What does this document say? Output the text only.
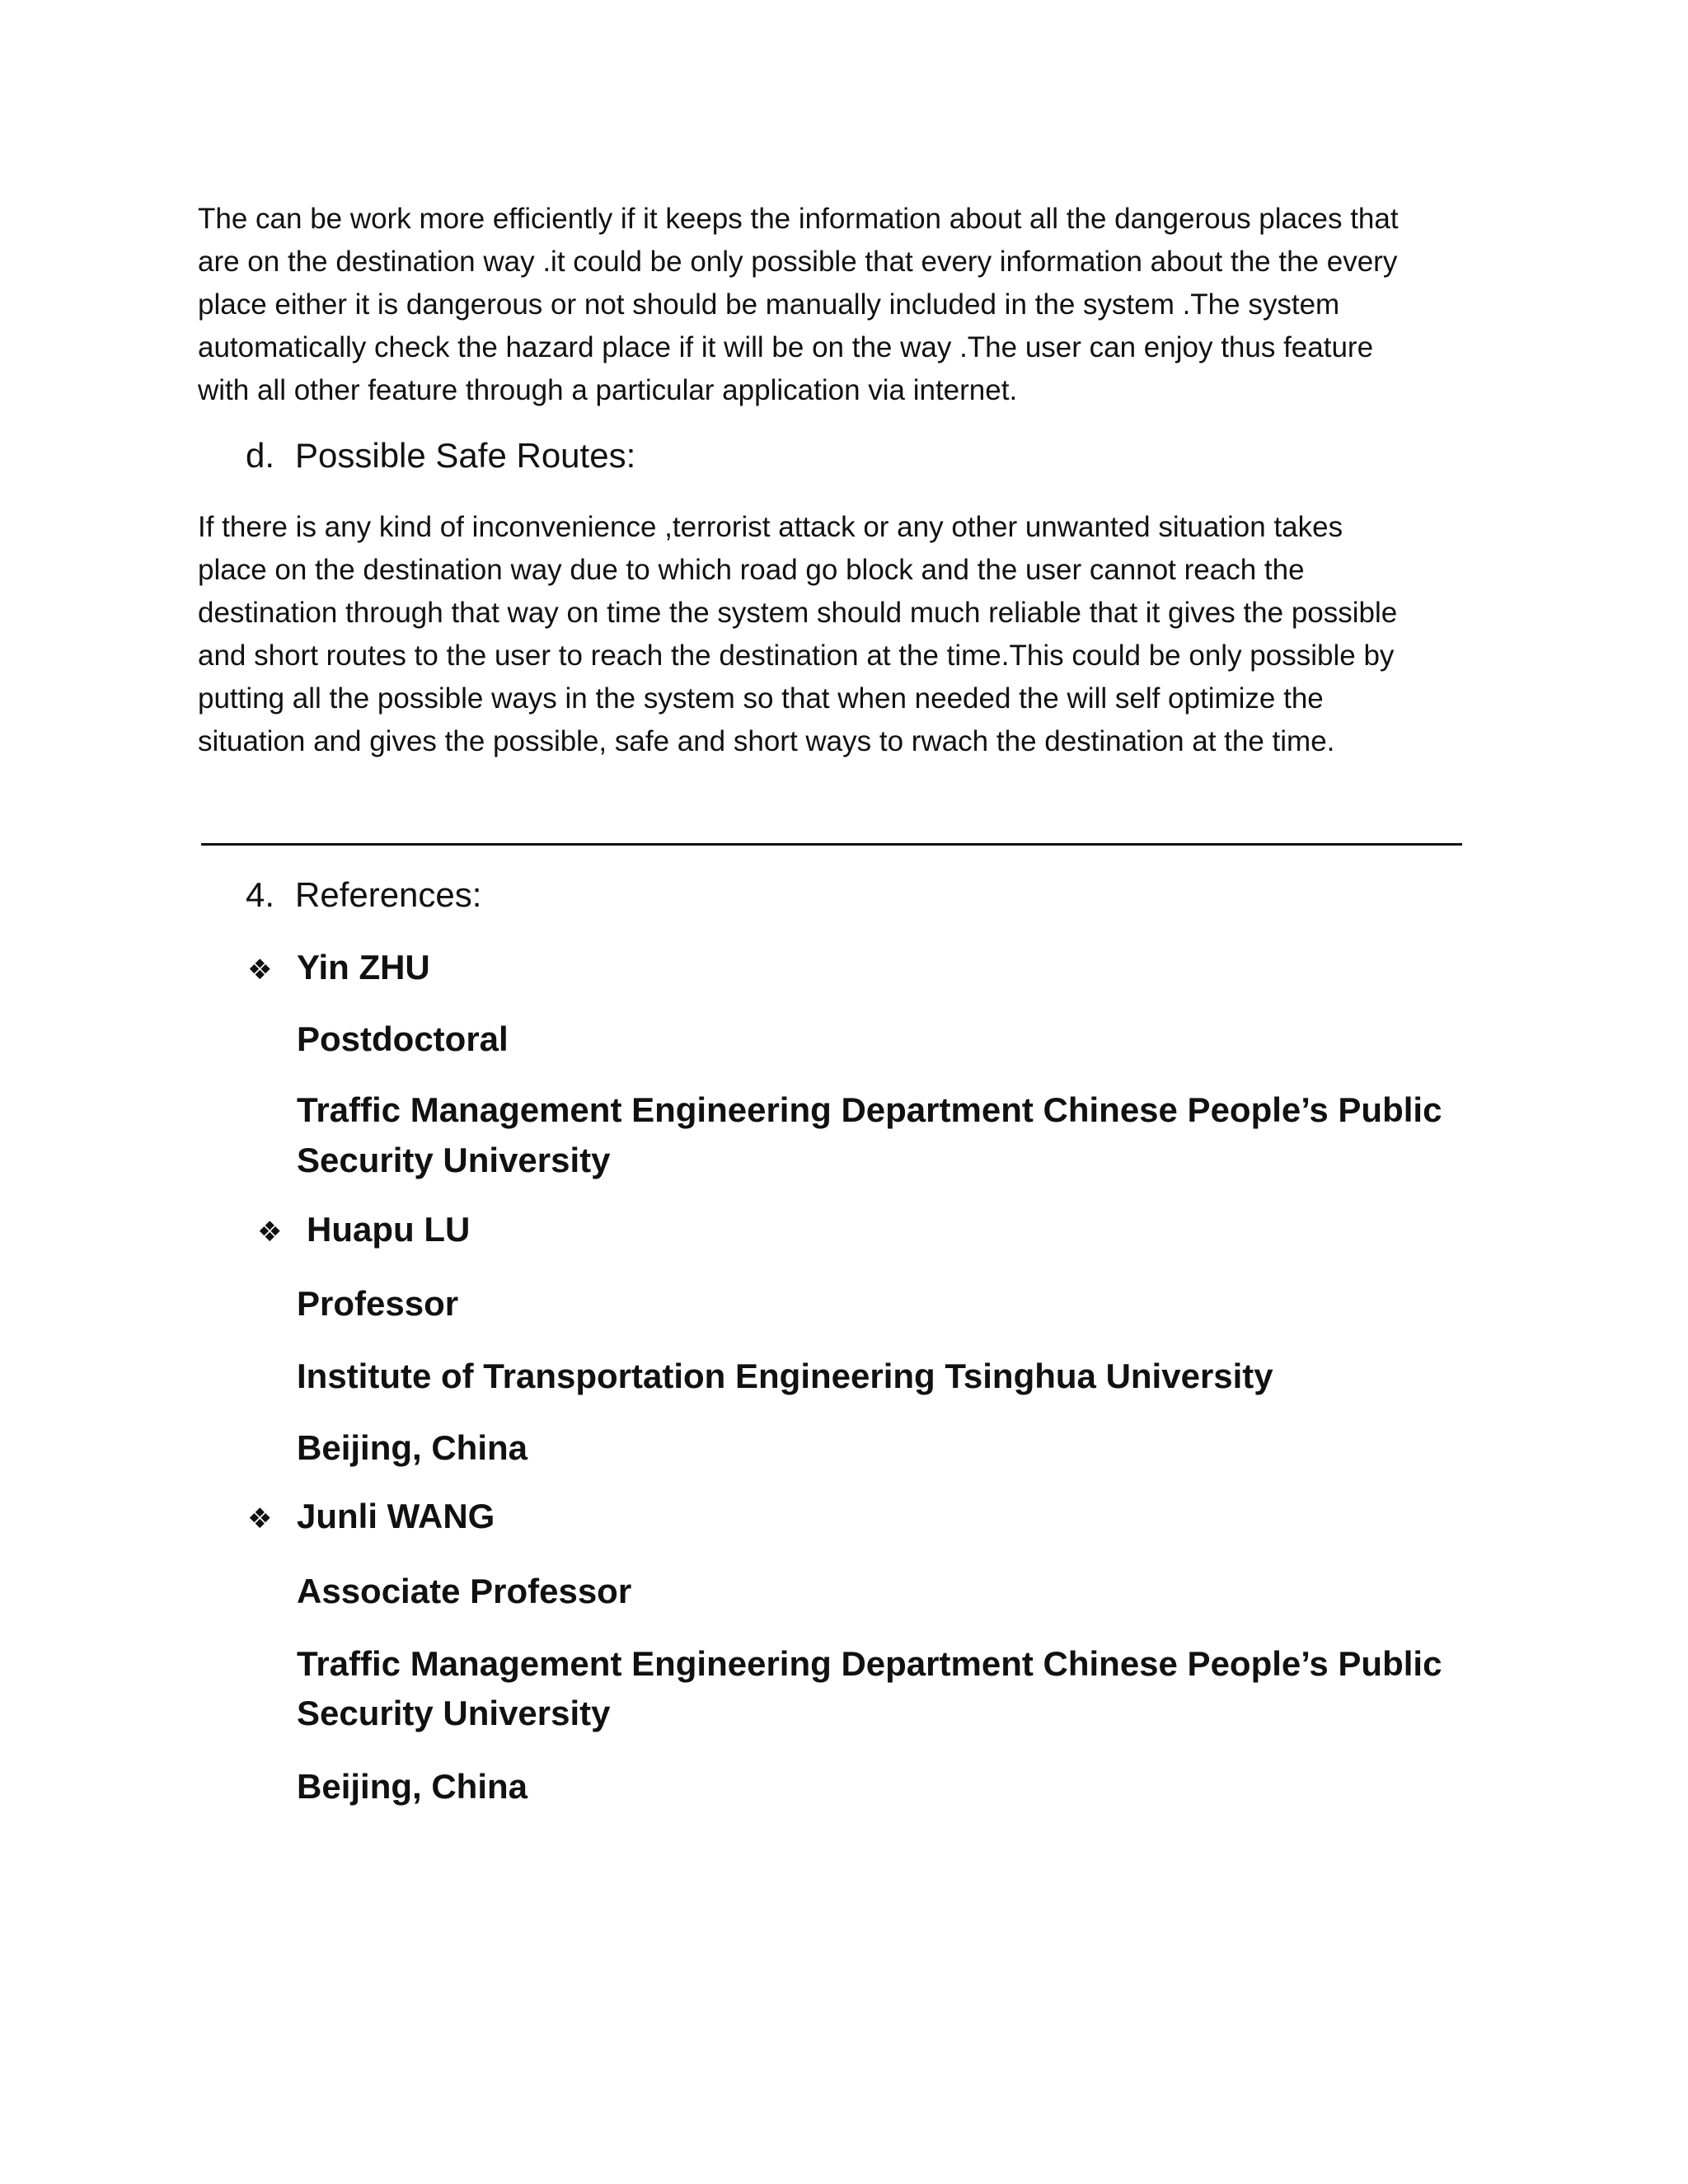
The can be work more efficiently if it keeps the information about all the dangerous places that
are on the destination way .it could be only possible that every information about the the every
place either it is dangerous or not should be manually included in the system .The system
automatically check the hazard place if it will be on the way .The user can enjoy thus feature
with all other feature through a particular application via internet.

d. Possible Safe Routes:

If there is any kind of inconvenience ,terrorist attack or any other unwanted situation takes
place on the destination way due to which road go block and the user cannot reach the
destination through that way on time the system should much reliable that it gives the possible
and short routes to the user to reach the destination at the time.This could be only possible by
putting all the possible ways in the system so that when needed the will self optimize the
situation and gives the possible, safe and short ways to rwach the destination at the time.

4. References:
❖ Yin ZHU
Postdoctoral
Traffic Management Engineering Department Chinese People’s Public
Security University
❖ Huapu LU
Professor
Institute of Transportation Engineering Tsinghua University
Beijing, China
❖ Junli WANG
Associate Professor
Traffic Management Engineering Department Chinese People’s Public
Security University
Beijing, China
